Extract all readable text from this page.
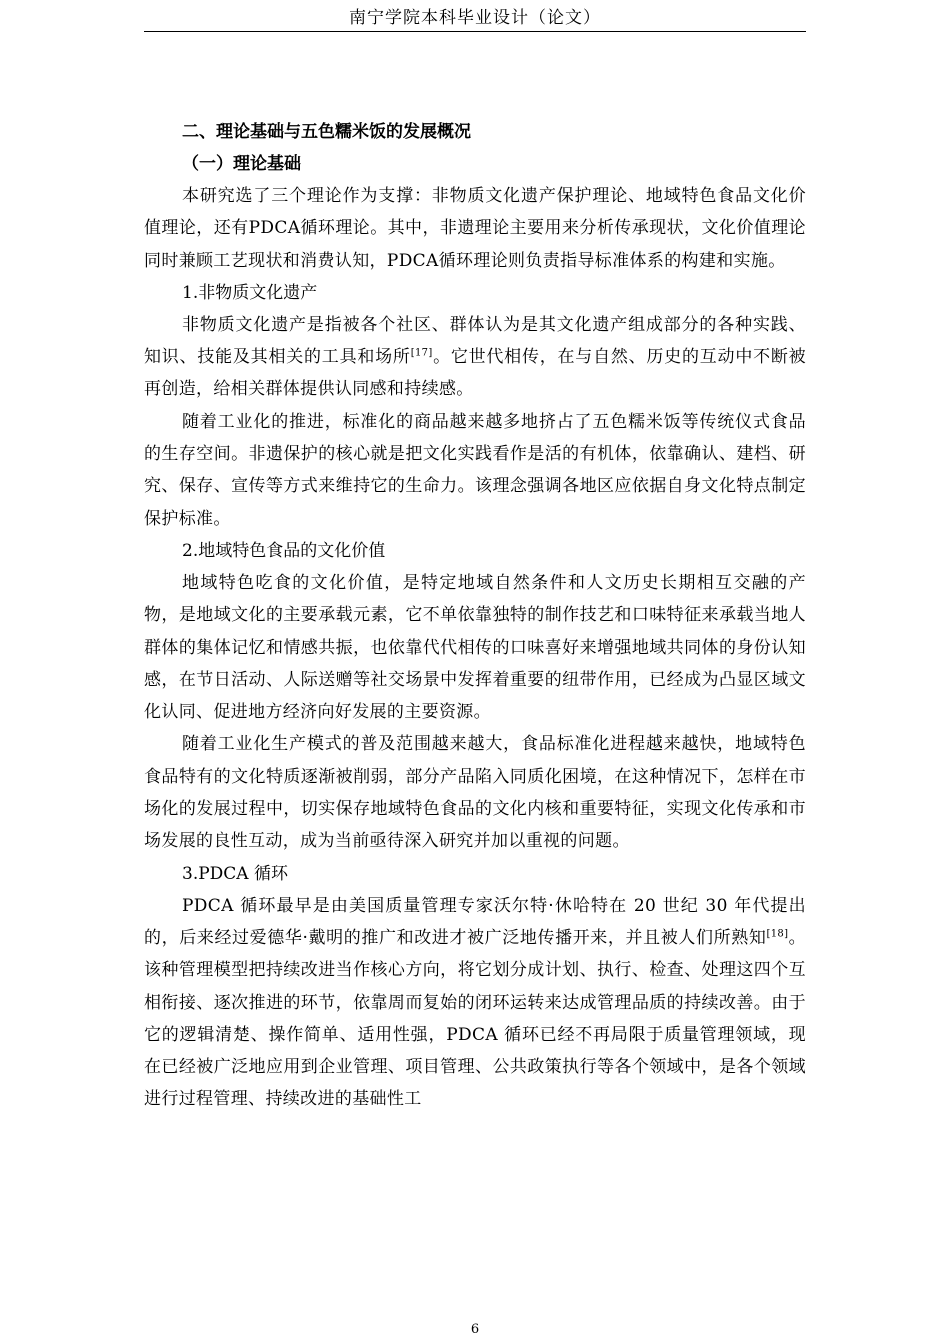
南宁学院本科毕业设计（论文）
二、理论基础与五色糯米饭的发展概况
（一）理论基础

本研究选了三个理论作为支撑：非物质文化遗产保护理论、地域特色食品文化价值理论，还有PDCA循环理论。其中，非遗理论主要用来分析传承现状，文化价值理论同时兼顾工艺现状和消费认知，PDCA循环理论则负责指导标准体系的构建和实施。

1.非物质文化遗产

非物质文化遗产是指被各个社区、群体认为是其文化遗产组成部分的各种实践、知识、技能及其相关的工具和场所[17]。它世代相传，在与自然、历史的互动中不断被再创造，给相关群体提供认同感和持续感。

随着工业化的推进，标准化的商品越来越多地挤占了五色糯米饭等传统仪式食品的生存空间。非遗保护的核心就是把文化实践看作是活的有机体，依靠确认、建档、研究、保存、宣传等方式来维持它的生命力。该理念强调各地区应依据自身文化特点制定保护标准。

2.地域特色食品的文化价值

地域特色吃食的文化价值，是特定地域自然条件和人文历史长期相互交融的产物，是地域文化的主要承载元素，它不单依靠独特的制作技艺和口味特征来承载当地人群体的集体记忆和情感共振，也依靠代代相传的口味喜好来增强地域共同体的身份认知感，在节日活动、人际送赠等社交场景中发挥着重要的纽带作用，已经成为凸显区域文化认同、促进地方经济向好发展的主要资源。

随着工业化生产模式的普及范围越来越大，食品标准化进程越来越快，地域特色食品特有的文化特质逐渐被削弱，部分产品陷入同质化困境，在这种情况下，怎样在市场化的发展过程中，切实保存地域特色食品的文化内核和重要特征，实现文化传承和市场发展的良性互动，成为当前亟待深入研究并加以重视的问题。

3.PDCA 循环

PDCA 循环最早是由美国质量管理专家沃尔特·休哈特在 20 世纪 30 年代提出的，后来经过爱德华·戴明的推广和改进才被广泛地传播开来，并且被人们所熟知[18]。该种管理模型把持续改进当作核心方向，将它划分成计划、执行、检查、处理这四个互相衔接、逐次推进的环节，依靠周而复始的闭环运转来达成管理品质的持续改善。由于它的逻辑清楚、操作简单、适用性强，PDCA 循环已经不再局限于质量管理领域，现在已经被广泛地应用到企业管理、项目管理、公共政策执行等各个领域中，是各个领域进行过程管理、持续改进的基础性工

6
